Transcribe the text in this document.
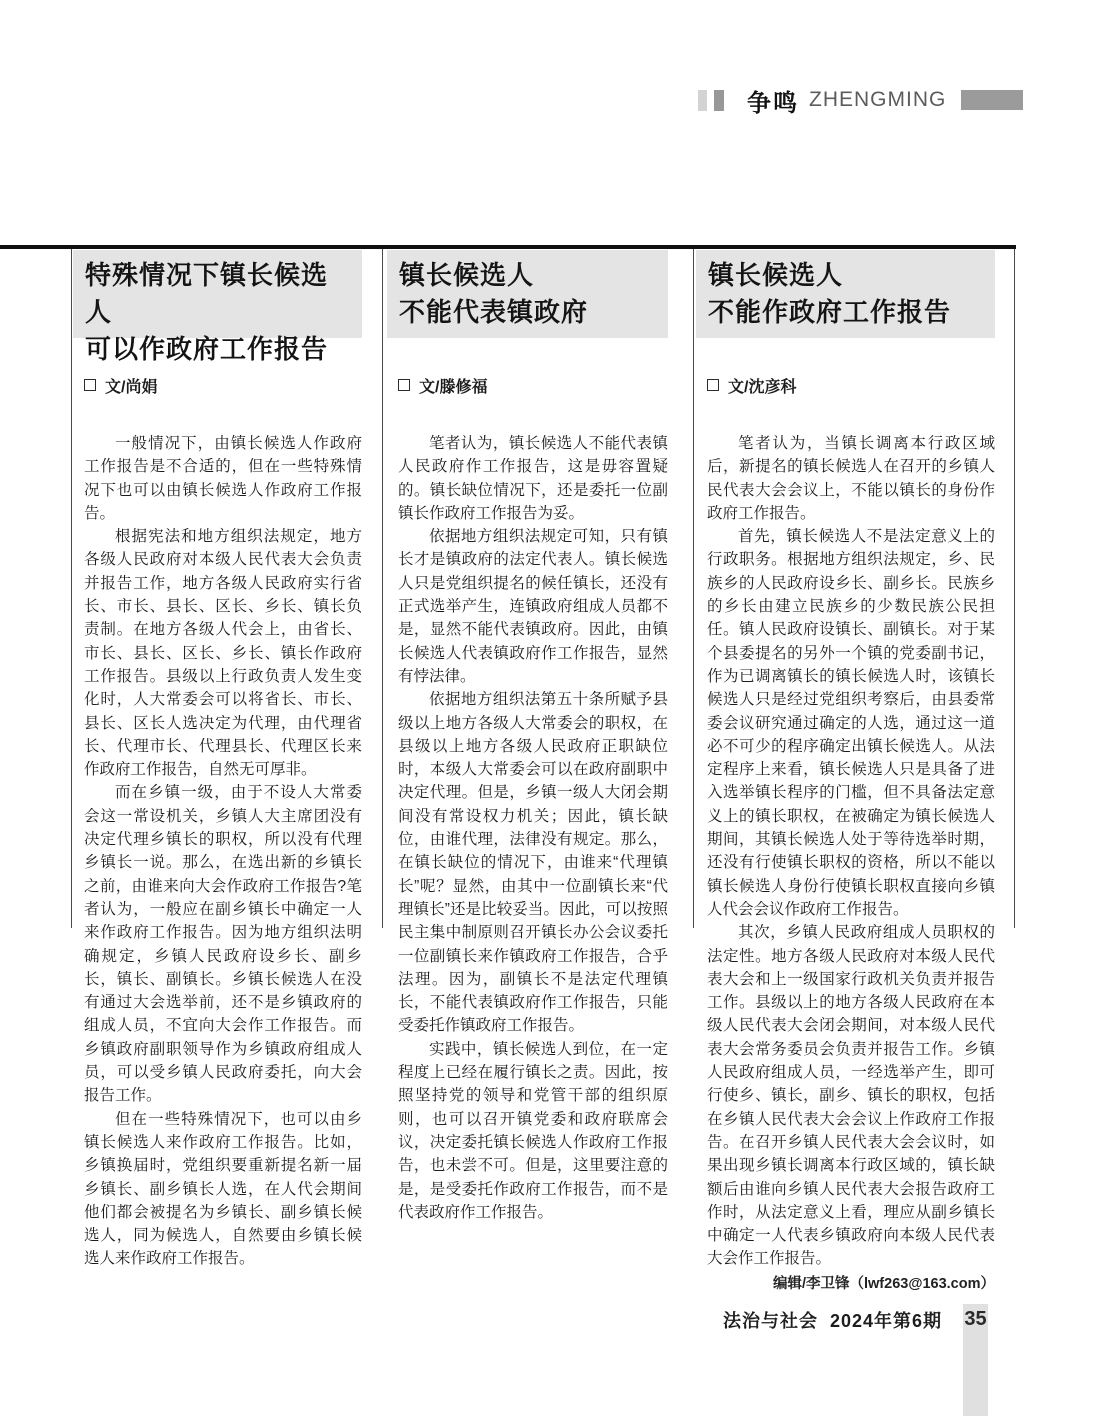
争鸣 ZHENGMING
特殊情况下镇长候选人
可以作政府工作报告
文/尚娟

一般情况下，由镇长候选人作政府工作报告是不合适的，但在一些特殊情况下也可以由镇长候选人作政府工作报告。

根据宪法和地方组织法规定，地方各级人民政府对本级人民代表大会负责并报告工作，地方各级人民政府实行省长、市长、县长、区长、乡长、镇长负责制。在地方各级人代会上，由省长、市长、县长、区长、乡长、镇长作政府工作报告。县级以上行政负责人发生变化时，人大常委会可以将省长、市长、县长、区长人选决定为代理，由代理省长、代理市长、代理县长、代理区长来作政府工作报告，自然无可厚非。

而在乡镇一级，由于不设人大常委会这一常设机关，乡镇人大主席团没有决定代理乡镇长的职权，所以没有代理乡镇长一说。那么，在选出新的乡镇长之前，由谁来向大会作政府工作报告?笔者认为，一般应在副乡镇长中确定一人来作政府工作报告。因为地方组织法明确规定，乡镇人民政府设乡长、副乡长，镇长、副镇长。乡镇长候选人在没有通过大会选举前，还不是乡镇政府的组成人员，不宜向大会作工作报告。而乡镇政府副职领导作为乡镇政府组成人员，可以受乡镇人民政府委托，向大会报告工作。

但在一些特殊情况下，也可以由乡镇长候选人来作政府工作报告。比如，乡镇换届时，党组织要重新提名新一届乡镇长、副乡镇长人选，在人代会期间他们都会被提名为乡镇长、副乡镇长候选人，同为候选人，自然要由乡镇长候选人来作政府工作报告。

镇长候选人
不能代表镇政府
文/滕修福

笔者认为，镇长候选人不能代表镇人民政府作工作报告，这是毋容置疑的。镇长缺位情况下，还是委托一位副镇长作政府工作报告为妥。

依据地方组织法规定可知，只有镇长才是镇政府的法定代表人。镇长候选人只是党组织提名的候任镇长，还没有正式选举产生，连镇政府组成人员都不是，显然不能代表镇政府。因此，由镇长候选人代表镇政府作工作报告，显然有悖法律。

依据地方组织法第五十条所赋予县级以上地方各级人大常委会的职权，在县级以上地方各级人民政府正职缺位时，本级人大常委会可以在政府副职中决定代理。但是，乡镇一级人大闭会期间没有常设权力机关；因此，镇长缺位，由谁代理，法律没有规定。那么，在镇长缺位的情况下，由谁来“代理镇长”呢？显然，由其中一位副镇长来“代理镇长”还是比较妥当。因此，可以按照民主集中制原则召开镇长办公会议委托一位副镇长来作镇政府工作报告，合乎法理。因为，副镇长不是法定代理镇长，不能代表镇政府作工作报告，只能受委托作镇政府工作报告。

实践中，镇长候选人到位，在一定程度上已经在履行镇长之责。因此，按照坚持党的领导和党管干部的组织原则，也可以召开镇党委和政府联席会议，决定委托镇长候选人作政府工作报告，也未尝不可。但是，这里要注意的是，是受委托作政府工作报告，而不是代表政府作工作报告。

镇长候选人
不能作政府工作报告
文/沈彦科

笔者认为，当镇长调离本行政区域后，新提名的镇长候选人在召开的乡镇人民代表大会会议上，不能以镇长的身份作政府工作报告。

首先，镇长候选人不是法定意义上的行政职务。根据地方组织法规定，乡、民族乡的人民政府设乡长、副乡长。民族乡的乡长由建立民族乡的少数民族公民担任。镇人民政府设镇长、副镇长。对于某个县委提名的另外一个镇的党委副书记，作为已调离镇长的镇长候选人时，该镇长候选人只是经过党组织考察后，由县委常委会议研究通过确定的人选，通过这一道必不可少的程序确定出镇长候选人。从法定程序上来看，镇长候选人只是具备了进入选举镇长程序的门槛，但不具备法定意义上的镇长职权，在被确定为镇长候选人期间，其镇长候选人处于等待选举时期，还没有行使镇长职权的资格，所以不能以镇长候选人身份行使镇长职权直接向乡镇人代会会议作政府工作报告。

其次，乡镇人民政府组成人员职权的法定性。地方各级人民政府对本级人民代表大会和上一级国家行政机关负责并报告工作。县级以上的地方各级人民政府在本级人民代表大会闭会期间，对本级人民代表大会常务委员会负责并报告工作。乡镇人民政府组成人员，一经选举产生，即可行使乡、镇长，副乡、镇长的职权，包括在乡镇人民代表大会会议上作政府工作报告。在召开乡镇人民代表大会会议时，如果出现乡镇长调离本行政区域的，镇长缺额后由谁向乡镇人民代表大会报告政府工作时，从法定意义上看，理应从副乡镇长中确定一人代表乡镇政府向本级人民代表大会作工作报告。

编辑/李卫锋（lwf263@163.com）
法治与社会 2024年第6期 35
